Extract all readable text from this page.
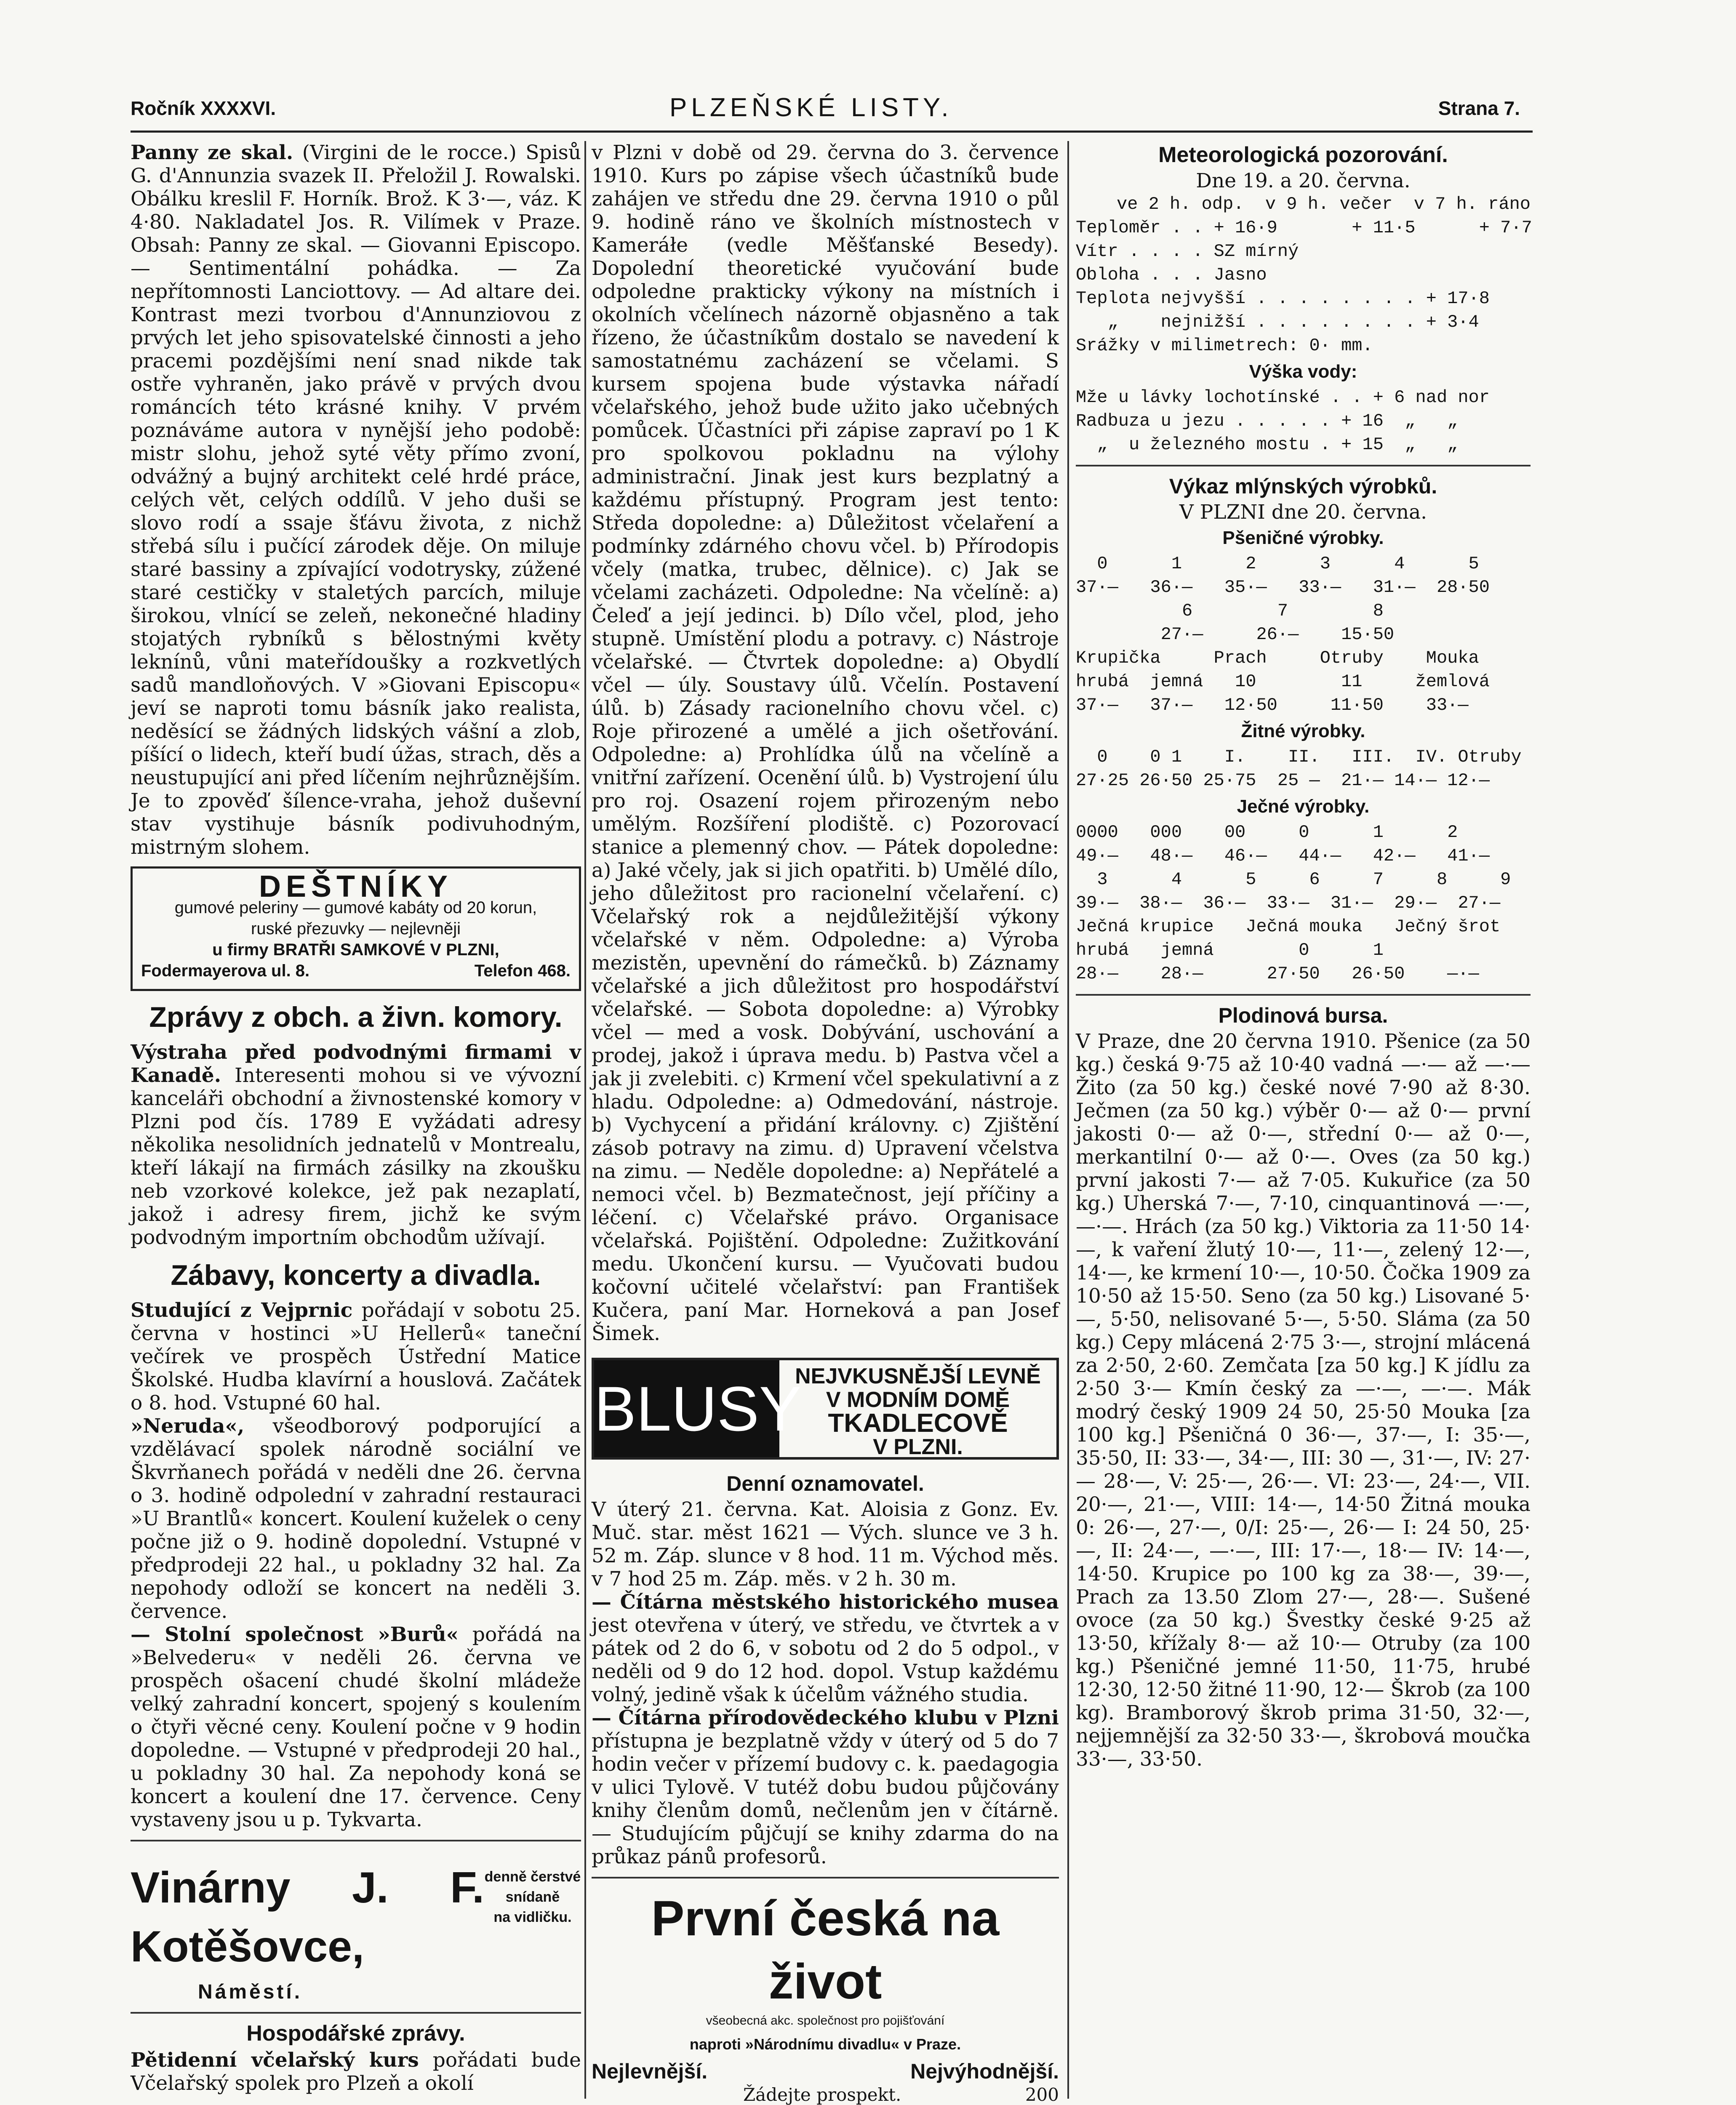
Ročník XXXXVI.	PLZEŇSKÉ LISTY.	Strana 7.

Panny ze skal. (Virgini de le rocce.) Spisů G. d'Annunzia svazek II. Přeložil J. Rowalski. Obálku kreslil F. Horník. Brož. K 3·—, váz. K 4·80. Nakladatel Jos. R. Vilímek v Praze. Obsah: Panny ze skal. — Giovanni Episcopo. — Sentimentální pohádka. — Za nepřítomnosti Lanciottovy. — Ad altare dei. Kontrast mezi tvorbou d'Annunziovou z prvých let jeho spisovatelské činnosti a jeho pracemi pozdějšími není snad nikde tak ostře vyhraněn, jako právě v prvých dvou románcích této krásné knihy. V prvém poznáváme autora v nynější jeho podobě: mistr slohu, jehož syté věty přímo zvoní, odvážný a bujný architekt celé hrdé práce, celých vět, celých oddílů. V jeho duši se slovo rodí a ssaje šťávu života, z nichž střebá sílu i pučící zárodek děje. On miluje staré bassiny a zpívající vodotrysky, zúžené staré cestičky v staletých parcích, miluje širokou, vlnící se zeleň, nekonečné hladiny stojatých rybníků s bělostnými květy leknínů, vůni mateřídoušky a rozkvetlých sadů mandloňových. V »Giovani Episcopu« jeví se naproti tomu básník jako realista, neděsící se žádných lidských vášní a zlob, píšící o lidech, kteří budí úžas, strach, děs a neustupující ani před líčením nejhrůznějším. Je to zpověď šílence-vraha, jehož duševní stav vystihuje básník podivuhodným, mistrným slohem.

DEŠTNÍKY
gumové peleriny — gumové kabáty od 20 korun,
ruské přezuvky — nejlevněji
u firmy BRATŘI SAMKOVÉ V PLZNI,
Fodermayerova ul. 8.	Telefon 468.
Zprávy z obch. a živn. komory.

Výstraha před podvodnými firmami v Kanadě. Interesenti mohou si ve vývozní kanceláři obchodní a živnostenské komory v Plzni pod čís. 1789 E vyžádati adresy několika nesolidních jednatelů v Montrealu, kteří lákají na firmách zásilky na zkoušku neb vzorkové kolekce, jež pak nezaplatí, jakož i adresy firem, jichž ke svým podvodným importním obchodům užívají.

Zábavy, koncerty a divadla.

Studující z Vejprnic pořádají v sobotu 25. června v hostinci »U Hellerů« taneční večírek ve prospěch Ústřední Matice Školské. Hudba klavírní a houslová. Začátek o 8. hod. Vstupné 60 hal.

»Neruda«, všeodborový podporující a vzdělávací spolek národně sociální ve Škvrňanech pořádá v neděli dne 26. června o 3. hodině odpolední v zahradní restauraci »U Brantlů« koncert. Koulení kuželek o ceny počne již o 9. hodině dopolední. Vstupné v předprodeji 22 hal., u pokladny 32 hal. Za nepohody odloží se koncert na neděli 3. července.

— Stolní společnost »Burů« pořádá na »Belvederu« v neděli 26. června ve prospěch ošacení chudé školní mládeže velký zahradní koncert, spojený s koulením o čtyři věcné ceny. Koulení počne v 9 hodin dopoledne. — Vstupné v předprodeji 20 hal., u pokladny 30 hal. Za nepohody koná se koncert a koulení dne 17. července. Ceny vystaveny jsou u p. Tykvarta.

Vinárny J. F. Kotěšovce,
Náměstí.
denně čerstvé
snídaně
na vidličku.
Hospodářské zprávy.

Pětidenní včelařský kurs pořádati bude Včelařský spolek pro Plzeň a okolí

v Plzni v době od 29. června do 3. července 1910. Kurs po zápise všech účastníků bude zahájen ve středu dne 29. června 1910 o půl 9. hodině ráno ve školních místnostech v Kameráłe (vedle Měšťanské Besedy). Dopolední theoretické vyučování bude odpoledne prakticky výkony na místních i okolních včelínech názorně objasněno a tak řízeno, že účastníkům dostalo se navedení k samostatnému zacházení se včelami. S kursem spojena bude výstavka nářadí včelařského, jehož bude užito jako učebných pomůcek. Účastníci při zápise zapraví po 1 K pro spolkovou pokladnu na výlohy administrační. Jinak jest kurs bezplatný a každému přístupný. Program jest tento: Středa dopoledne: a) Důležitost včelaření a podmínky zdárného chovu včel. b) Přírodopis včely (matka, trubec, dělnice). c) Jak se včelami zacházeti. Odpoledne: Na včelíně: a) Čeleď a její jedinci. b) Dílo včel, plod, jeho stupně. Umístění plodu a potravy. c) Nástroje včelařské. — Čtvrtek dopoledne: a) Obydlí včel — úly. Soustavy úlů. Včelín. Postavení úlů. b) Zásady racionelního chovu včel. c) Roje přirozené a umělé a jich ošetřování. Odpoledne: a) Prohlídka úlů na včelíně a vnitřní zařízení. Ocenění úlů. b) Vystrojení úlu pro roj. Osazení rojem přirozeným nebo umělým. Rozšíření plodiště. c) Pozorovací stanice a plemenný chov. — Pátek dopoledne: a) Jaké včely, jak si jich opatřiti. b) Umělé dílo, jeho důležitost pro racionelní včelaření. c) Včelařský rok a nejdůležitější výkony včelařské v něm. Odpoledne: a) Výroba mezistěn, upevnění do rámečků. b) Záznamy včelařské a jich důležitost pro hospodářství včelařské. — Sobota dopoledne: a) Výrobky včel — med a vosk. Dobývání, uschování a prodej, jakož i úprava medu. b) Pastva včel a jak ji zvelebiti. c) Krmení včel spekulativní a z hladu. Odpoledne: a) Odmedování, nástroje. b) Vychycení a přidání královny. c) Zjištění zásob potravy na zimu. d) Upravení včelstva na zimu. — Neděle dopoledne: a) Nepřátelé a nemoci včel. b) Bezmatečnost, její příčiny a léčení. c) Včelařské právo. Organisace včelařská. Pojištění. Odpoledne: Zužitkování medu. Ukončení kursu. — Vyučovati budou kočovní učitelé včelařství: pan František Kučera, paní Mar. Horneková a pan Josef Šimek.

BLUSY
NEJVKUSNĚJŠÍ LEVNĚ
V MODNÍM DOMĚ
TKADLECOVĚ
V PLZNI.
Denní oznamovatel.

V úterý 21. června. Kat. Aloisia z Gonz. Ev. Muč. star. měst 1621 — Vých. slunce ve 3 h. 52 m. Záp. slunce v 8 hod. 11 m. Východ měs. v 7 hod 25 m. Záp. měs. v 2 h. 30 m.

— Čítárna městského historického musea jest otevřena v úterý, ve středu, ve čtvrtek a v pátek od 2 do 6, v sobotu od 2 do 5 odpol., v neděli od 9 do 12 hod. dopol. Vstup každému volný, jedině však k účelům vážného studia.

— Čítárna přírodovědeckého klubu v Plzni přístupna je bezplatně vždy v úterý od 5 do 7 hodin večer v přízemí budovy c. k. paedagogia v ulici Tylově. V tutéž dobu budou půjčovány knihy členům domů, nečlenům jen v čítárně. — Studujícím půjčují se knihy zdarma do na průkaz pánů profesorů.

První česká na život
všeobecná akc. společnost pro pojišťování
naproti »Národnímu divadlu« v Praze.
Nejlevnější.	Nejvýhodnější.
Žádejte prospekt.	200
Meteorologická pozorování.
Dne 19. a 20. června.
ve 2 h. odp.  v 9 h. večer  v 7 h. ráno
Teploměr . . + 16·9       + 11·5      + 7·7
Vítr . . . . SZ mírný
Obloha . . . Jasno
Teplota nejvyšší . . . . . . . . + 17·8
„    nejnižší . . . . . . . . + 3·4
Srážky v milimetrech: 0· mm.
Výška vody:
Mže u lávky lochotínské . . + 6 nad nor
Radbuza u jezu . . . . . + 16  „   „
„  u železného mostu . + 15  „   „
Výkaz mlýnských výrobků.
V PLZNI dne 20. června.
Pšeničné výrobky.
0      1      2      3      4      5
37·—   36·—   35·—   33·—   31·—  28·50
6        7        8
27·—     26·—    15·50
Krupička     Prach     Otruby    Mouka
hrubá  jemná   10        11     žemlová
37·—   37·—   12·50     11·50    33·—
Žitné výrobky.
0    0 1    I.    II.   III.  IV. Otruby
27·25 26·50 25·75  25 —  21·— 14·— 12·—
Ječné výrobky.
0000   000    00     0      1      2
49·—   48·—   46·—   44·—   42·—   41·—
3      4      5     6     7     8     9
39·—  38·—  36·—  33·—  31·—  29·—  27·—
Ječná krupice   Ječná mouka   Ječný šrot
hrubá   jemná        0      1
28·—    28·—      27·50   26·50    —·—
Plodinová bursa.

V Praze, dne 20 června 1910. Pšenice (za 50 kg.) česká 9·75 až 10·40 vadná —·— až —·— Žito (za 50 kg.) české nové 7·90 až 8·30. Ječmen (za 50 kg.) výběr 0·— až 0·— první jakosti 0·— až 0·—, střední 0·— až 0·—, merkantilní 0·— až 0·—. Oves (za 50 kg.) první jakosti 7·— až 7·05. Kukuřice (za 50 kg.) Uherská 7·—, 7·10, cinquantinová —·—, —·—. Hrách (za 50 kg.) Viktoria za 11·50 14·—, k vaření žlutý 10·—, 11·—, zelený 12·—, 14·—, ke krmení 10·—, 10·50. Čočka 1909 za 10·50 až 15·50. Seno (za 50 kg.) Lisované 5·—, 5·50, nelisované 5·—, 5·50. Sláma (za 50 kg.) Cepy mlácená 2·75 3·—, strojní mlácená za 2·50, 2·60. Zemčata [za 50 kg.] K jídlu za 2·50 3·— Kmín český za —·—, —·—. Mák modrý český 1909 24 50, 25·50 Mouka [za 100 kg.] Pšeničná 0 36·—, 37·—, I: 35·—, 35·50, II: 33·—, 34·—, III: 30 —, 31·—, IV: 27·— 28·—, V: 25·—, 26·—. VI: 23·—, 24·—, VII. 20·—, 21·—, VIII: 14·—, 14·50 Žitná mouka 0: 26·—, 27·—, 0/I: 25·—, 26·— I: 24 50, 25·—, II: 24·—, —·—, III: 17·—, 18·— IV: 14·—, 14·50. Krupice po 100 kg za 38·—, 39·—, Prach za 13.50 Zlom 27·—, 28·—. Sušené ovoce (za 50 kg.) Švestky české 9·25 až 13·50, křížaly 8·— až 10·— Otruby (za 100 kg.) Pšeničné jemné 11·50, 11·75, hrubé 12·30, 12·50 žitné 11·90, 12·— Škrob (za 100 kg). Bramborový škrob prima 31·50, 32·—, nejjemnější za 32·50 33·—, škrobová moučka 33·—, 33·50.
